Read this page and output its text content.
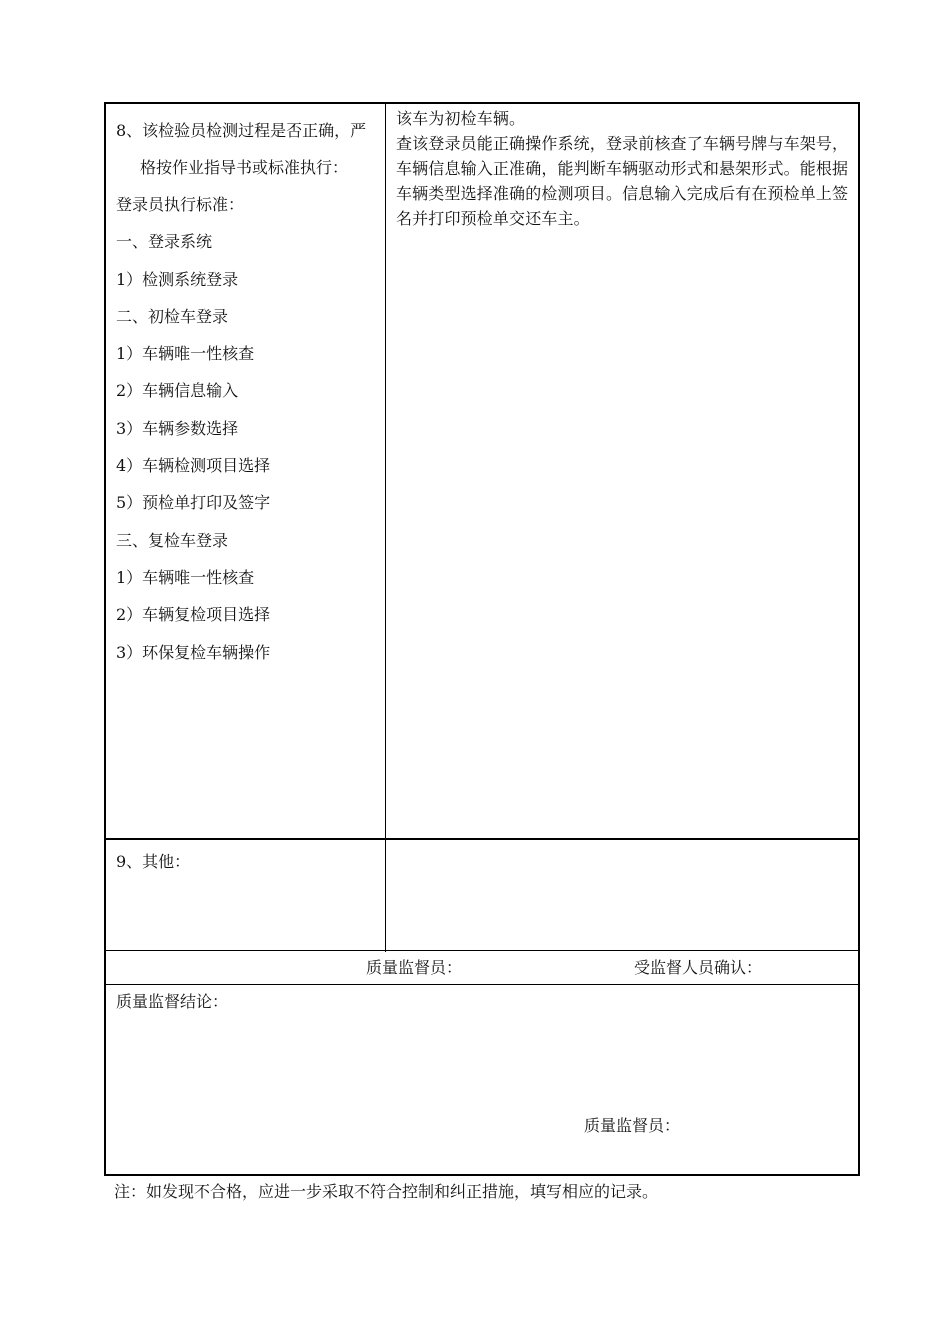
8、该检验员检测过程是否正确，严
格按作业指导书或标准执行：
登录员执行标准：
一、登录系统
1）检测系统登录
二、初检车登录
1）车辆唯一性核查
2）车辆信息输入
3）车辆参数选择
4）车辆检测项目选择
5）预检单打印及签字
三、复检车登录
1）车辆唯一性核查
2）车辆复检项目选择
3）环保复检车辆操作

该车为初检车辆。

查该登录员能正确操作系统，登录前核查了车辆号牌与车架号，车辆信息输入正准确，能判断车辆驱动形式和悬架形式。能根据车辆类型选择准确的检测项目。信息输入完成后有在预检单上签名并打印预检单交还车主。

9、其他：
质量监督员：	受监督人员确认：
质量监督结论：
质量监督员：
注：如发现不合格，应进一步采取不符合控制和纠正措施，填写相应的记录。
